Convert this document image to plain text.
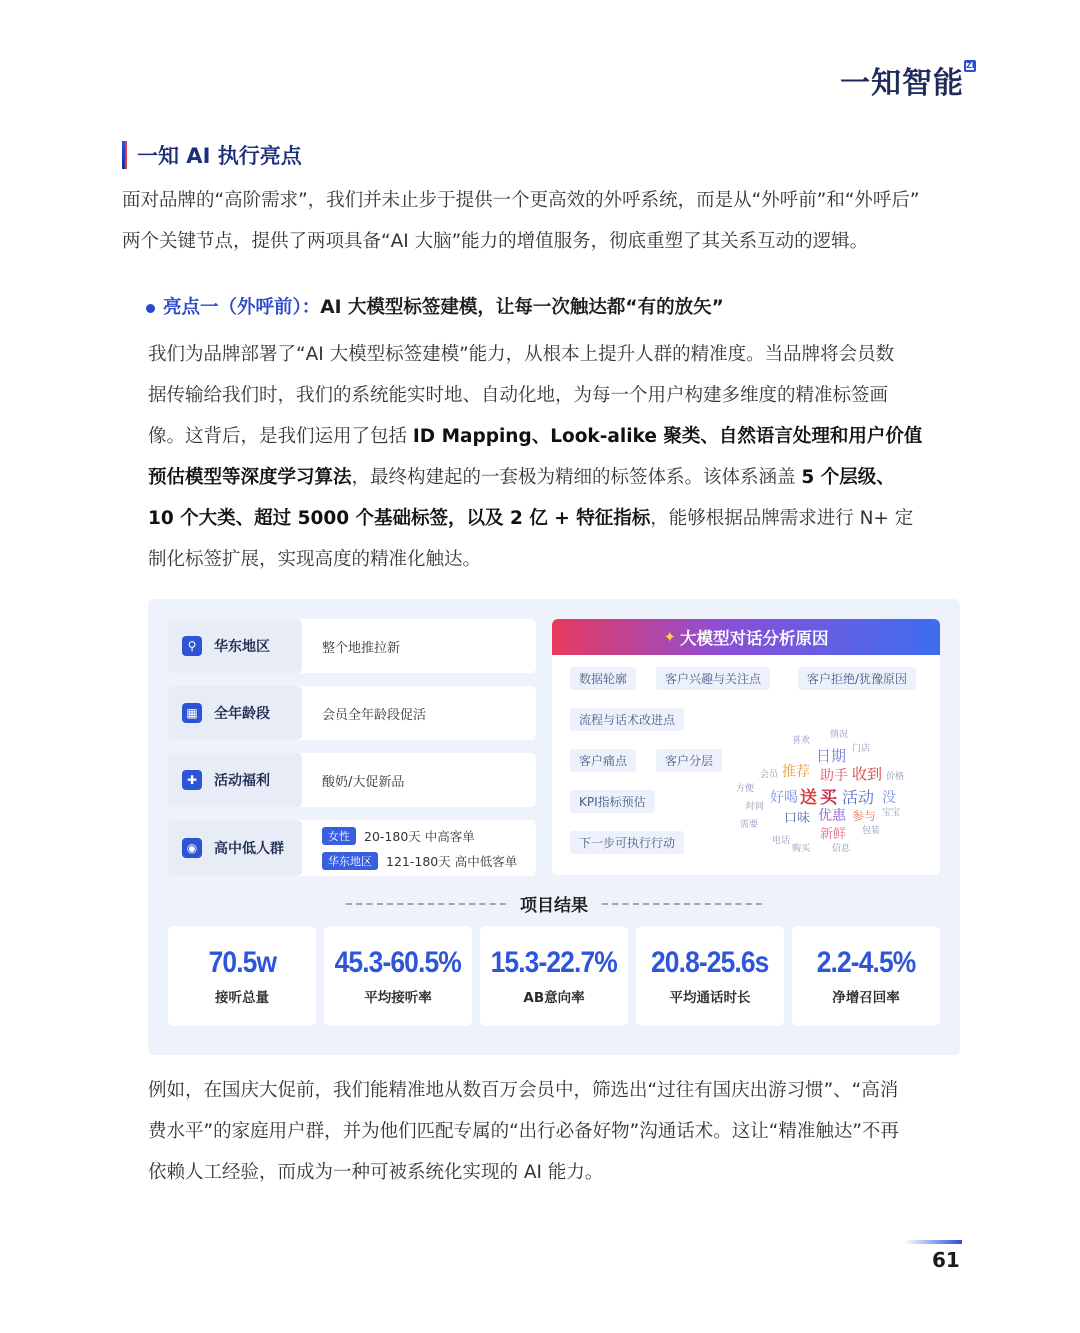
一知智能
ZI
一知 AI 执行亮点
面对品牌的“高阶需求”，我们并未止步于提供一个更高效的外呼系统，而是从“外呼前”和“外呼后”
两个关键节点，提供了两项具备“AI 大脑”能力的增值服务，彻底重塑了其关系互动的逻辑。
亮点一（外呼前）：AI 大模型标签建模，让每一次触达都“有的放矢”
我们为品牌部署了“AI 大模型标签建模”能力，从根本上提升人群的精准度。当品牌将会员数
据传输给我们时，我们的系统能实时地、自动化地，为每一个用户构建多维度的精准标签画
像。这背后，是我们运用了包括 ID Mapping、Look-alike 聚类、自然语言处理和用户价值
预估模型等深度学习算法，最终构建起的一套极为精细的标签体系。该体系涵盖 5 个层级、
10 个大类、超过 5000 个基础标签，以及 2 亿 + 特征指标，能够根据品牌需求进行 N+ 定
制化标签扩展，实现高度的精准化触达。
⚲	华东地区	整个地推拉新
▦	全年龄段	会员全年龄段促活
✚	活动福利	酸奶/大促新品
◉	高中低人群
女性	20-180天 中高客单
华东地区	121-180天 高中低客单
✦ 大模型对话分析原因
数据轮廓	客户兴趣与关注点	客户拒绝/犹豫原因
流程与话术改进点
客户痛点	客户分层
KPI指标预估
下一步可执行行动
日期
推荐 助手 收到
好喝 送 买 活动 没
口味 优惠 参与
新鲜
情况
方便
喜欢
会员	价格
时间
宝宝
需要
包装
电话
门店
购买 信息
项目结果
70.5w
接听总量
45.3-60.5%
平均接听率
15.3-22.7%
AB意向率
20.8-25.6s
平均通话时长
2.2-4.5%
净增召回率
例如，在国庆大促前，我们能精准地从数百万会员中，筛选出“过往有国庆出游习惯”、“高消
费水平”的家庭用户群，并为他们匹配专属的“出行必备好物”沟通话术。这让“精准触达”不再
依赖人工经验，而成为一种可被系统化实现的 AI 能力。
61
